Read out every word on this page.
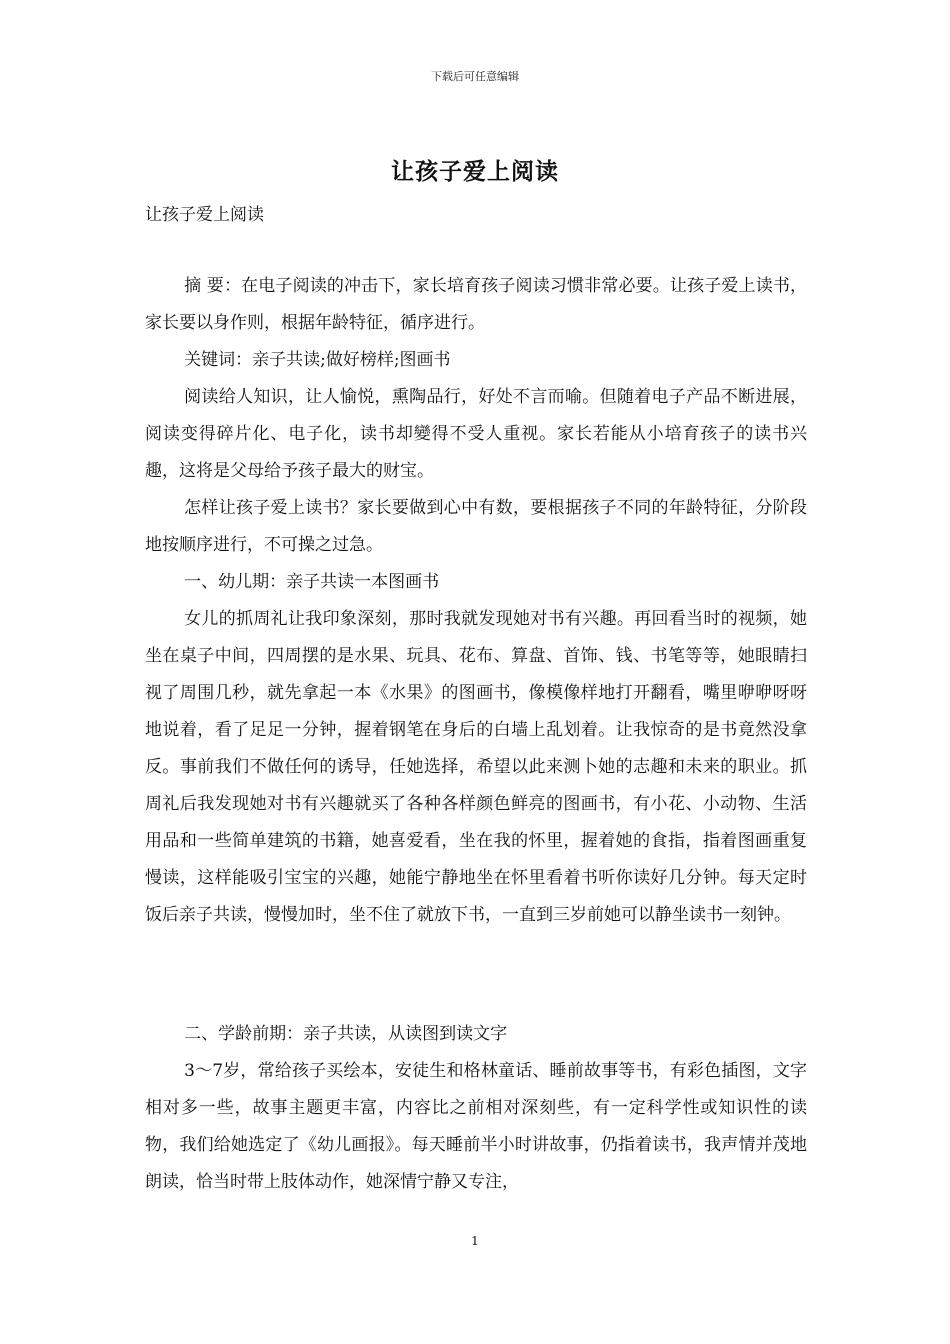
下载后可任意编辑
让孩子爱上阅读
让孩子爱上阅读

摘 要：在电子阅读的冲击下，家长培育孩子阅读习惯非常必要。让孩子爱上读书，家长要以身作则，根据年龄特征，循序进行。

关键词：亲子共读;做好榜样;图画书

阅读给人知识，让人愉悦，熏陶品行，好处不言而喻。但随着电子产品不断进展，阅读变得碎片化、电子化，读书却變得不受人重视。家长若能从小培育孩子的读书兴趣，这将是父母给予孩子最大的财宝。

怎样让孩子爱上读书？家长要做到心中有数，要根据孩子不同的年龄特征，分阶段地按顺序进行，不可操之过急。

一、幼儿期：亲子共读一本图画书

女儿的抓周礼让我印象深刻，那时我就发现她对书有兴趣。再回看当时的视频，她坐在桌子中间，四周摆的是水果、玩具、花布、算盘、首饰、钱、书笔等等，她眼睛扫视了周围几秒，就先拿起一本《水果》的图画书，像模像样地打开翻看，嘴里咿咿呀呀地说着，看了足足一分钟，握着钢笔在身后的白墙上乱划着。让我惊奇的是书竟然没拿反。事前我们不做任何的诱导，任她选择，希望以此来测卜她的志趣和未来的职业。抓周礼后我发现她对书有兴趣就买了各种各样颜色鲜亮的图画书，有小花、小动物、生活用品和一些简单建筑的书籍，她喜爱看，坐在我的怀里，握着她的食指，指着图画重复慢读，这样能吸引宝宝的兴趣，她能宁静地坐在怀里看着书听你读好几分钟。每天定时饭后亲子共读，慢慢加时，坐不住了就放下书，一直到三岁前她可以静坐读书一刻钟。

二、学龄前期：亲子共读，从读图到读文字

3～7岁，常给孩子买绘本，安徒生和格林童话、睡前故事等书，有彩色插图，文字相对多一些，故事主题更丰富，内容比之前相对深刻些，有一定科学性或知识性的读物，我们给她选定了《幼儿画报》。每天睡前半小时讲故事，仍指着读书，我声情并茂地朗读，恰当时带上肢体动作，她深情宁静又专注，

1
